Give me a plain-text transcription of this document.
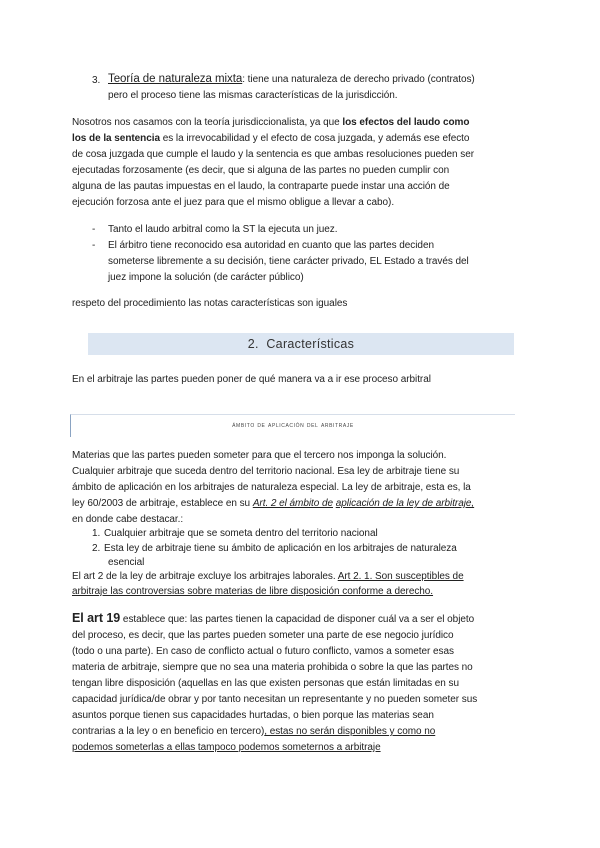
3. Teoría de naturaleza mixta: tiene una naturaleza de derecho privado (contratos)

pero el proceso tiene las mismas características de la jurisdicción.

Nosotros nos casamos con la teoría jurisdiccionalista, ya que los efectos del laudo como

los de la sentencia es la irrevocabilidad y el efecto de cosa juzgada, y además ese efecto

de cosa juzgada que cumple el laudo y la sentencia es que ambas resoluciones pueden ser

ejecutadas forzosamente (es decir, que si alguna de las partes no pueden cumplir con

alguna de las pautas impuestas en el laudo, la contraparte puede instar una acción de

ejecución forzosa ante el juez para que el mismo obligue a llevar a cabo).

- Tanto el laudo arbitral como la ST la ejecuta un juez.

- El árbitro tiene reconocido esa autoridad en cuanto que las partes deciden

someterse libremente a su decisión, tiene carácter privado, EL Estado a través del

juez impone la solución (de carácter público)

respeto del procedimiento las notas características son iguales

2. Características

En el arbitraje las partes pueden poner de qué manera va a ir ese proceso arbitral

ámbito de aplicación del arbitraje

Materias que las partes pueden someter para que el tercero nos imponga la solución.

Cualquier arbitraje que suceda dentro del territorio nacional. Esa ley de arbitraje tiene su

ámbito de aplicación en los arbitrajes de naturaleza especial. La ley de arbitraje, esta es, la

ley 60/2003 de arbitraje, establece en su Art. 2 el ámbito de aplicación de la ley de arbitraje,

en donde cabe destacar.:

1. Cualquier arbitraje que se someta dentro del territorio nacional

2. Esta ley de arbitraje tiene su ámbito de aplicación en los arbitrajes de naturaleza

esencial

El art 2 de la ley de arbitraje excluye los arbitrajes laborales. Art 2. 1. Son susceptibles de

arbitraje las controversias sobre materias de libre disposición conforme a derecho.

El art 19 establece que: las partes tienen la capacidad de disponer cuál va a ser el objeto

del proceso, es decir, que las partes pueden someter una parte de ese negocio jurídico

(todo o una parte). En caso de conflicto actual o futuro conflicto, vamos a someter esas

materia de arbitraje, siempre que no sea una materia prohibida o sobre la que las partes no

tengan libre disposición (aquellas en las que existen personas que están limitadas en su

capacidad jurídica/de obrar y por tanto necesitan un representante y no pueden someter sus

asuntos porque tienen sus capacidades hurtadas, o bien porque las materias sean

contrarias a la ley o en beneficio en tercero), estas no serán disponibles y como no

podemos someterlas a ellas tampoco podemos someternos a arbitraje
